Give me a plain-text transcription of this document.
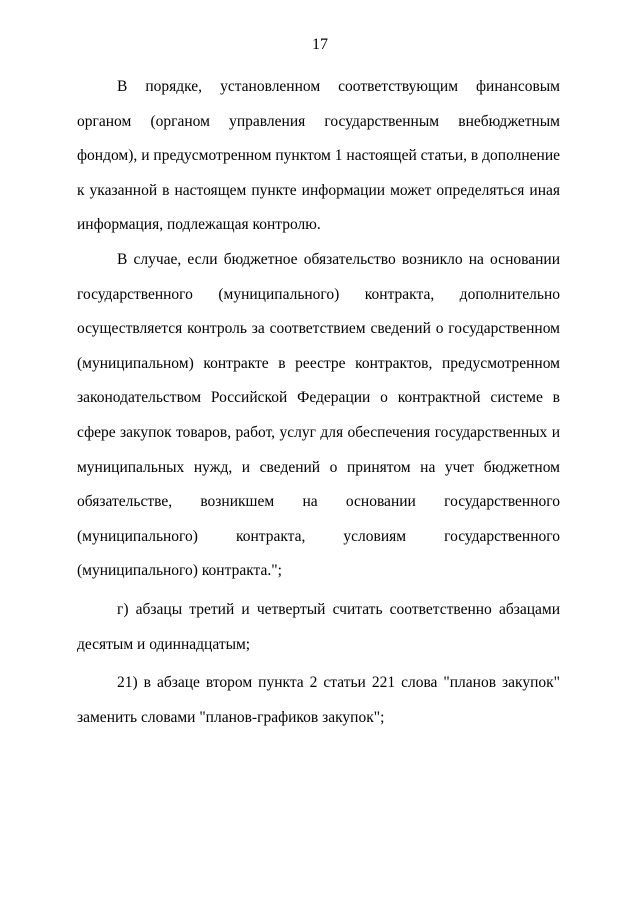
17

В порядке, установленном соответствующим финансовым органом (органом управления государственным внебюджетным фондом), и предусмотренном пунктом 1 настоящей статьи, в дополнение к указанной в настоящем пункте информации может определяться иная информация, подлежащая контролю.

В случае, если бюджетное обязательство возникло на основании государственного (муниципального) контракта, дополнительно осуществляется контроль за соответствием сведений о государственном (муниципальном) контракте в реестре контрактов, предусмотренном законодательством Российской Федерации о контрактной системе в сфере закупок товаров, работ, услуг для обеспечения государственных и муниципальных нужд, и сведений о принятом на учет бюджетном обязательстве, возникшем на основании государственного (муниципального) контракта, условиям государственного (муниципального) контракта.";

г) абзацы третий и четвертый считать соответственно абзацами десятым и одиннадцатым;

21) в абзаце втором пункта 2 статьи 221 слова "планов закупок" заменить словами "планов-графиков закупок";
